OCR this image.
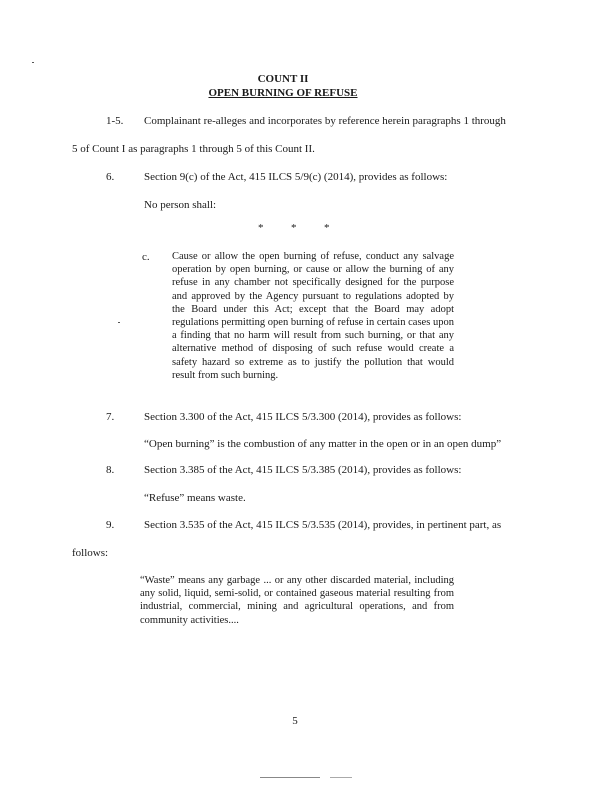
COUNT II
OPEN BURNING OF REFUSE
1-5. Complainant re-alleges and incorporates by reference herein paragraphs 1 through
5 of Count I as paragraphs 1 through 5 of this Count II.
6.	Section 9(c) of the Act, 415 ILCS 5/9(c) (2014), provides as follows:
No person shall:
*          *          *
c. Cause or allow the open burning of refuse, conduct any salvage operation by open burning, or cause or allow the burning of any refuse in any chamber not specifically designed for the purpose and approved by the Agency pursuant to regulations adopted by the Board under this Act; except that the Board may adopt regulations permitting open burning of refuse in certain cases upon a finding that no harm will result from such burning, or that any alternative method of disposing of such refuse would create a safety hazard so extreme as to justify the pollution that would result from such burning.
7.	Section 3.300 of the Act, 415 ILCS 5/3.300 (2014), provides as follows:
“Open burning” is the combustion of any matter in the open or in an open dump”
8.	Section 3.385 of the Act, 415 ILCS 5/3.385 (2014), provides as follows:
“Refuse” means waste.
9.	Section 3.535 of the Act, 415 ILCS 5/3.535 (2014), provides, in pertinent part, as
follows:
“Waste” means any garbage ... or any other discarded material, including any solid, liquid, semi-solid, or contained gaseous material resulting from industrial, commercial, mining and agricultural operations, and from community activities....
5
